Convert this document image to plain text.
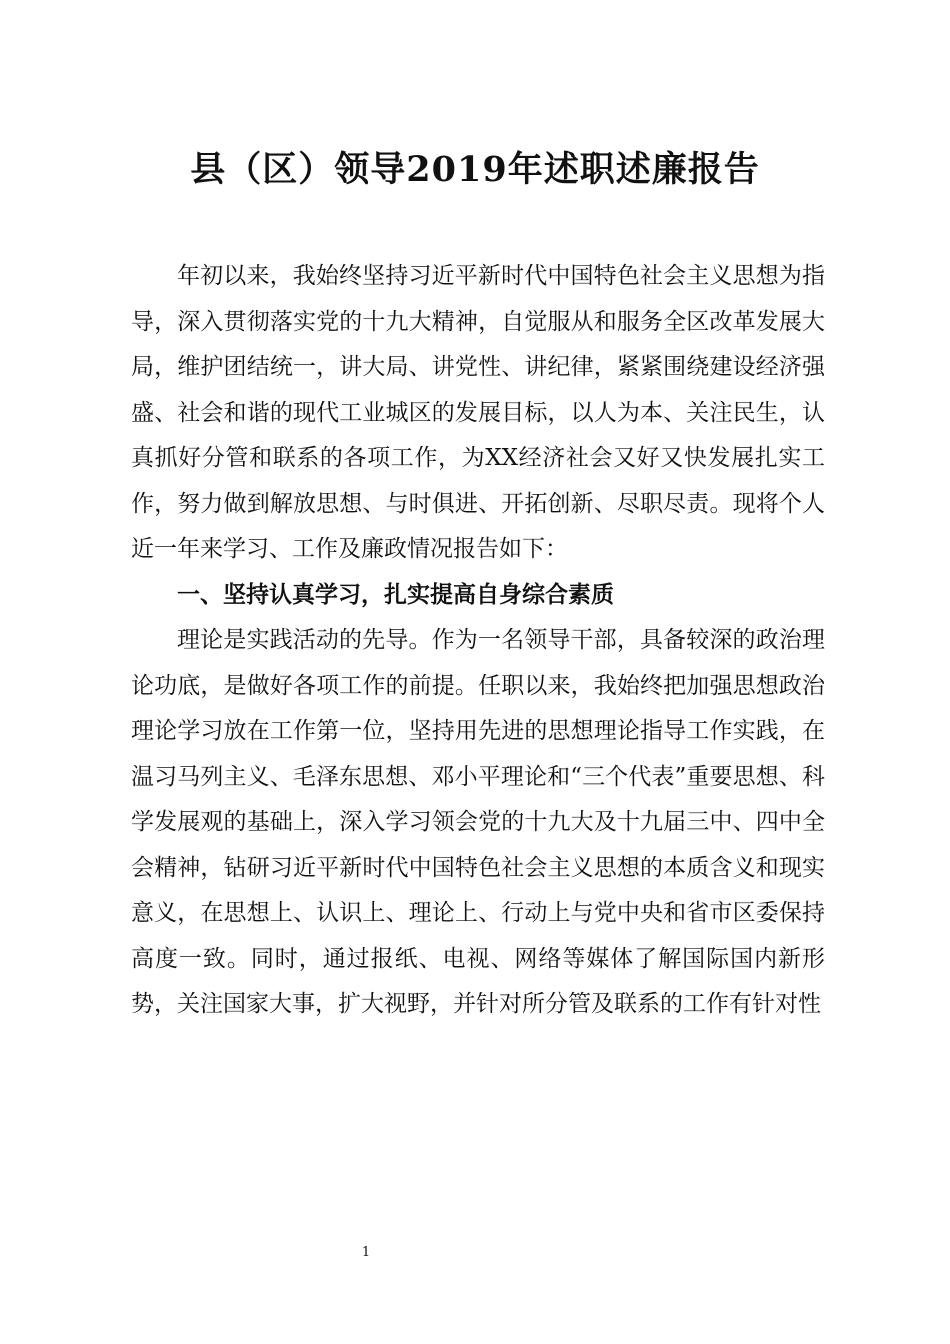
县（区）领导2019年述职述廉报告

年初以来，我始终坚持习近平新时代中国特色社会主义思想为指导，深入贯彻落实党的十九大精神，自觉服从和服务全区改革发展大局，维护团结统一，讲大局、讲党性、讲纪律，紧紧围绕建设经济强盛、社会和谐的现代工业城区的发展目标，以人为本、关注民生，认真抓好分管和联系的各项工作，为XX经济社会又好又快发展扎实工作，努力做到解放思想、与时俱进、开拓创新、尽职尽责。现将个人近一年来学习、工作及廉政情况报告如下：

一、坚持认真学习，扎实提高自身综合素质

理论是实践活动的先导。作为一名领导干部，具备较深的政治理论功底，是做好各项工作的前提。任职以来，我始终把加强思想政治理论学习放在工作第一位，坚持用先进的思想理论指导工作实践，在温习马列主义、毛泽东思想、邓小平理论和“三个代表”重要思想、科学发展观的基础上，深入学习领会党的十九大及十九届三中、四中全会精神，钻研习近平新时代中国特色社会主义思想的本质含义和现实意义，在思想上、认识上、理论上、行动上与党中央和省市区委保持高度一致。同时，通过报纸、电视、网络等媒体了解国际国内新形势，关注国家大事，扩大视野，并针对所分管及联系的工作有针对性

1
